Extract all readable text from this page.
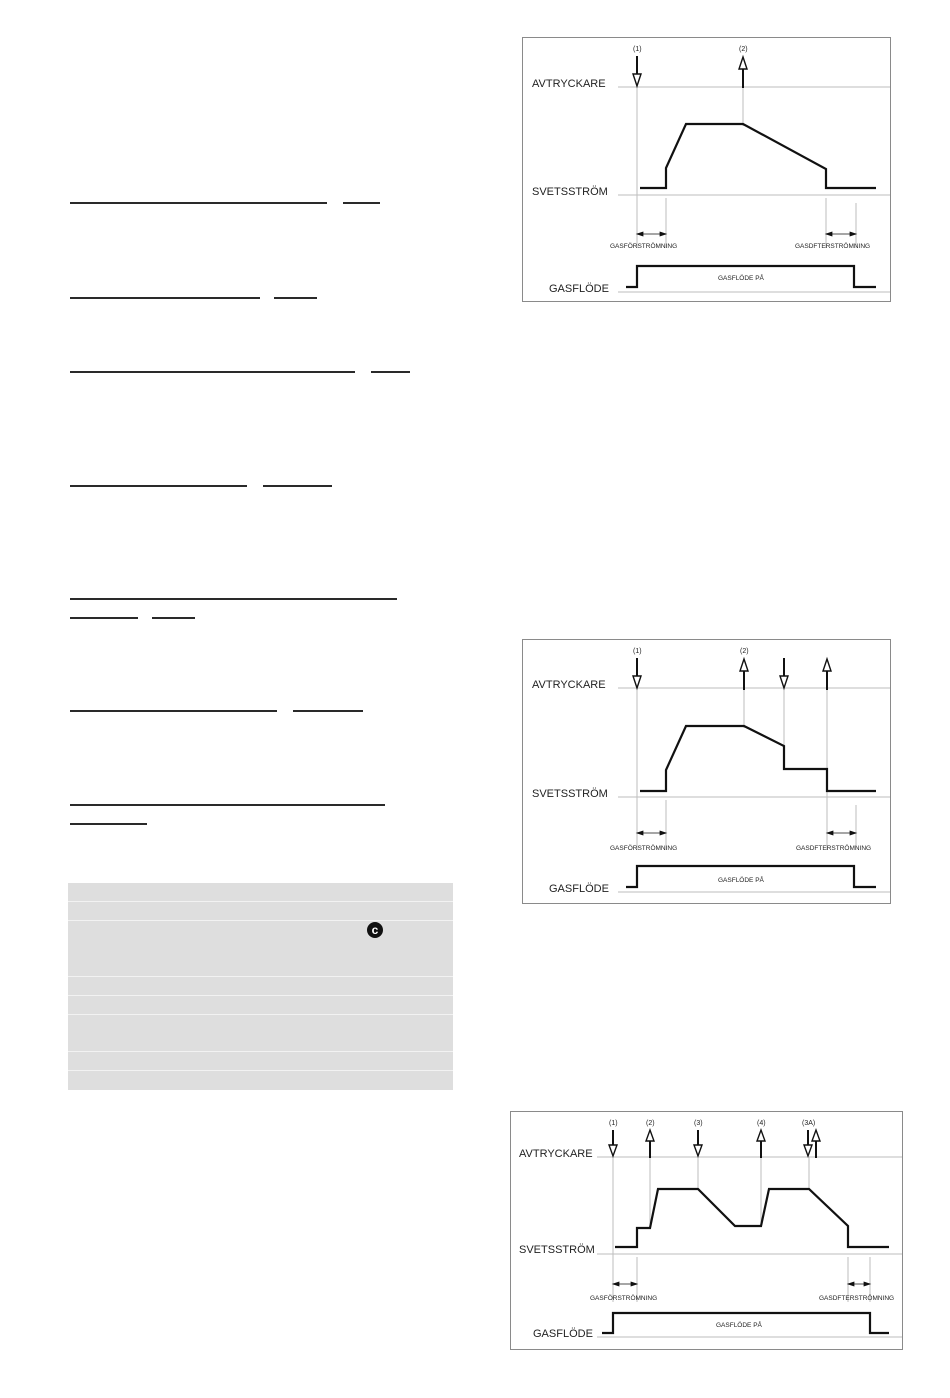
c
AVTRYCKARE
SVETSSTRÖM
GASFLÖDE
(1)	(2)
GASFÖRSTRÖMNING	GASDFTERSTRÖMNING
GASFLÖDE PÅ
AVTRYCKARE
SVETSSTRÖM
GASFLÖDE
(1)	(2)
GASFÖRSTRÖMNING	GASDFTERSTRÖMNING
GASFLÖDE PÅ
AVTRYCKARE
SVETSSTRÖM
GASFLÖDE
(1)	(2)	(3)	(4)	(3A)
GASFÖRSTRÖMNING	GASDFTERSTRÖMNING
GASFLÖDE PÅ
